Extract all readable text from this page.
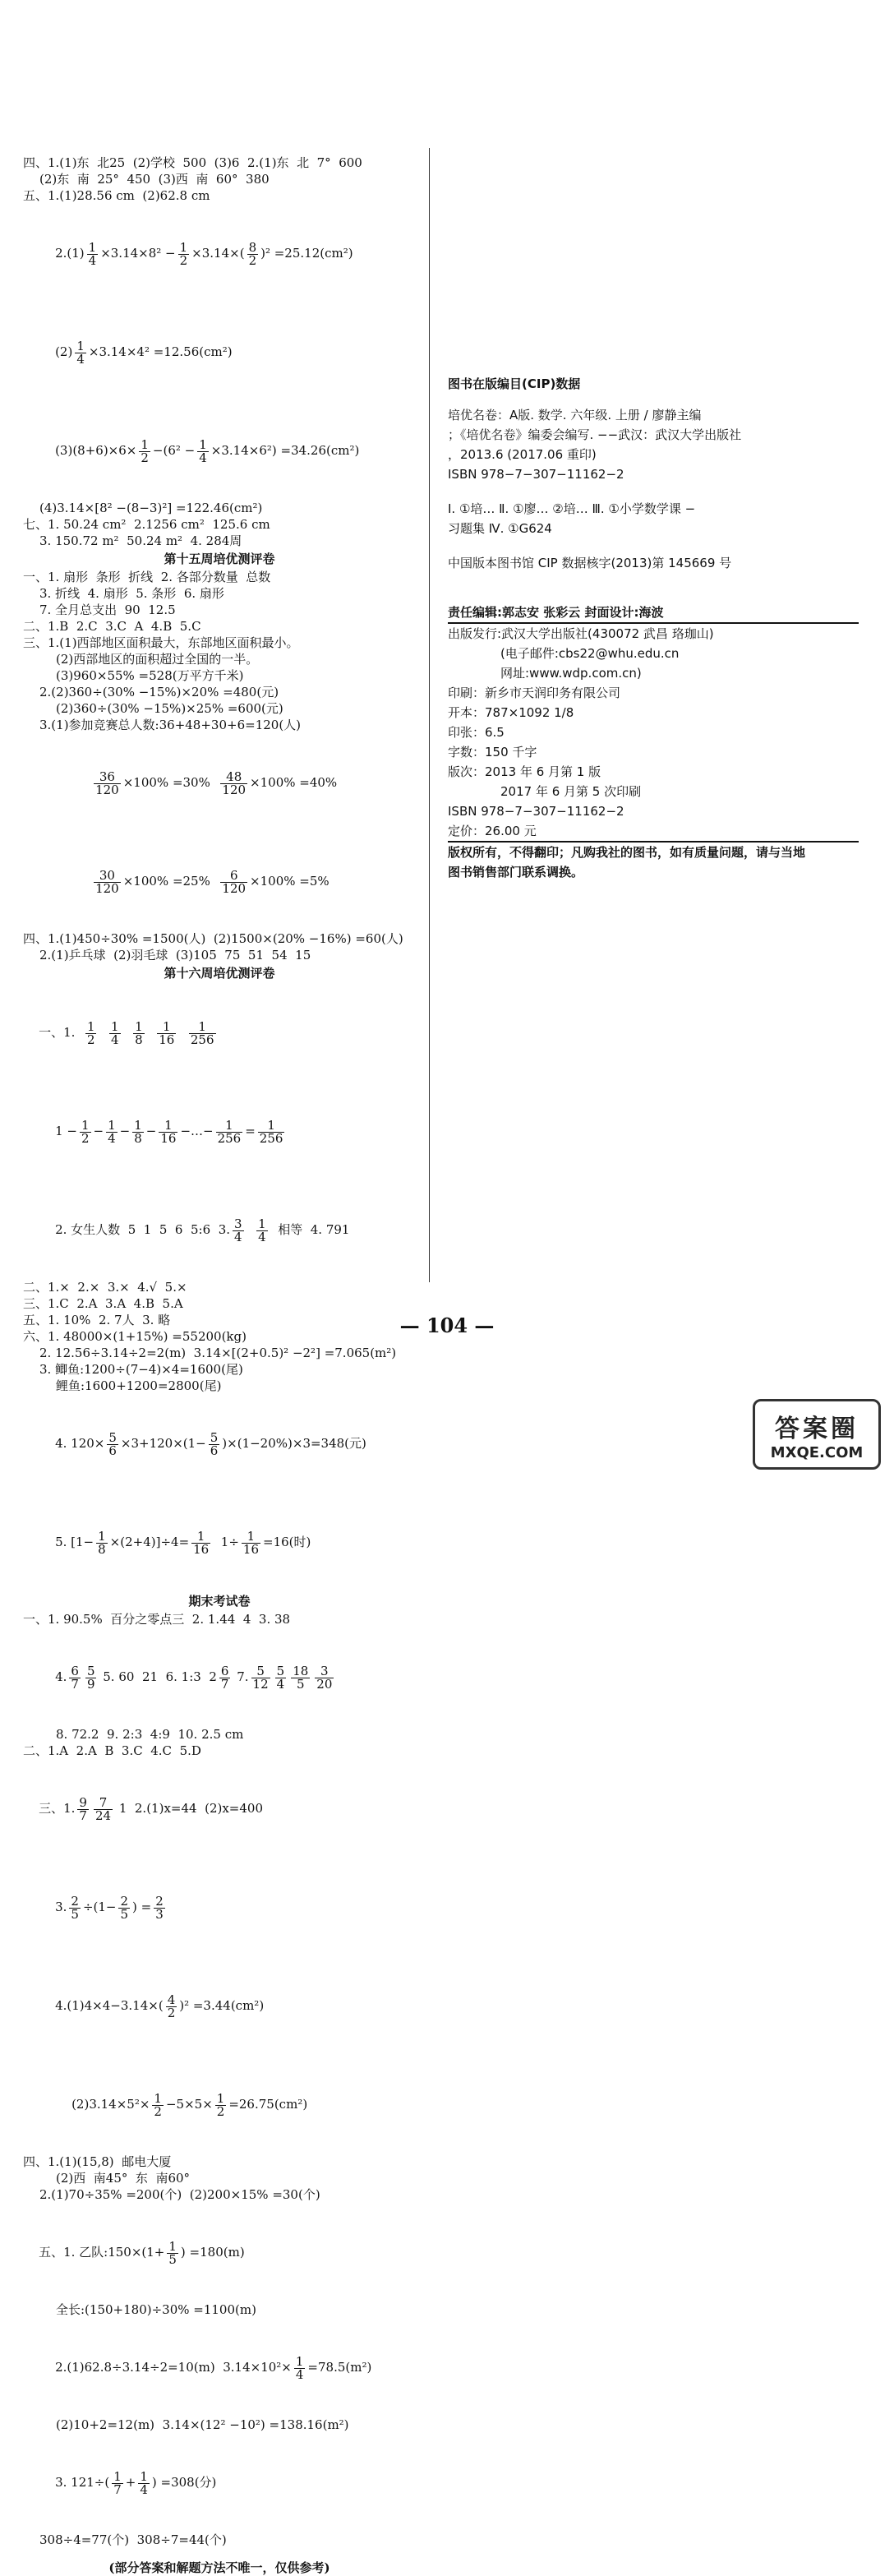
四、1.(1)东  北25  (2)学校  500  (3)6  2.(1)东  北  7°  600

(2)东  南  25°  450  (3)西  南  60°  380

五、1.(1)28.56 cm  (2)62.8 cm

$2.(1) \frac{1}{4} \times 3.14\times 8^2 - \frac{1}{2} \times 3.14\times( \frac{8}{2} )^2 =25.12(cm^2)$

$(2) \frac{1}{4} \times 3.14\times 4^2 =12.56(cm^2)$

$(3)(8+6)\times 6\times \frac{1}{2} -(6^2 - \frac{1}{4} \times 3.14\times 6^2) =34.26(cm^2)$

(4)3.14×[8² −(8−3)²] =122.46(cm²)

七、1. 50.24 cm²  2.1256 cm²  125.6 cm

3. 150.72 m²  50.24 m²  4. 284周

第十五周培优测评卷

一、1. 扇形  条形  折线  2. 各部分数量  总数

3. 折线  4. 扇形  5. 条形  6. 扇形

7. 全月总支出  90  12.5

二、1.B  2.C  3.C  A  4.B  5.C

三、1.(1)西部地区面积最大，东部地区面积最小。

(2)西部地区的面积超过全国的一半。

(3)960×55% =528(万平方千米)

2.(2)360÷(30% −15%)×20% =480(元)

(2)360÷(30% −15%)×25% =600(元)

3.(1)参加竞赛总人数:36+48+30+6=120(人)

$\frac{36}{120} \times 100\% =30\% \frac{48}{120} \times 100\% =40\%$

$\frac{30}{120} \times 100\% =25\% \frac{6}{120} \times 100\% =5\%$

四、1.(1)450÷30% =1500(人)  (2)1500×(20% −16%) =60(人)

2.(1)乒乓球  (2)羽毛球  (3)105  75  51  54  15

第十六周培优测评卷

一、1. $\frac{1}{2}$
$\frac{1}{4}$
$\frac{1}{8}$
$\frac{1}{16}$
$\frac{1}{256}$

$1 - \frac{1}{2} - \frac{1}{4} - \frac{1}{8} - \frac{1}{16}$ −…− $\frac{1}{256} = \frac{1}{256}$

2. 女生人数  5  1  5  6  5:6  3. $\frac{3}{4}$
$\frac{1}{4}$ 相等  4. 791

二、1.×  2.×  3.×  4.√  5.×

三、1.C  2.A  3.A  4.B  5.A

五、1. 10%  2. 7人  3. 略

六、1. 48000×(1+15%) =55200(kg)

2. 12.56÷3.14÷2=2(m)  3.14×[(2+0.5)² −2²] =7.065(m²)

3. 鲫鱼:1200÷(7−4)×4=1600(尾)

鲤鱼:1600+1200=2800(尾)

4. $120\times \frac{5}{6} \times 3+120\times(1- \frac{5}{6} )\times(1-20\%)\times 3=348$(元)

5. $[1- \frac{1}{8} \times(2+4)]\div 4= \frac{1}{16} 1\div \frac{1}{16} =16$(时)

期末考试卷

一、1. 90.5%  百分之零点三  2. 1.44  4  3. 38

4. $\frac{6}{7} \frac{5}{9} 5$. 60  21  6. 1:3  $2 \frac{6}{7} 7$. $\frac{5}{12} \frac{5}{4} \frac{18}{5} \frac{3}{20}$

8. 72.2  9. 2:3  4:9  10. 2.5 cm

二、1.A  2.A  B  3.C  4.C  5.D

三、1. $\frac{9}{7} \frac{7}{24} 1$  2.(1)x=44  (2)x=400

3. $\frac{2}{5} \div(1- \frac{2}{5}$ ) = $\frac{2}{3}$

$4.(1)4\times 4-3.14\times( \frac{4}{2} )^2 =3.44(cm^2)$

$(2)3.14\times 5^2\times \frac{1}{2} -5\times 5\times \frac{1}{2} =26.75(cm^2)$

四、1.(1)(15,8)  邮电大厦

(2)西  南45°  东  南60°

2.(1)70÷35% =200(个)  (2)200×15% =30(个)

五、1. 乙队:150×(1+ $\frac{1}{5}$ ) =180(m)

全长:(150+180)÷30% =1100(m)

2.(1)62.8÷3.14÷2=10(m)  $3.14\times 10^2\times \frac{1}{4} =78.5(m^2)$

(2)10+2=12(m)  3.14×(12² −10²) =138.16(m²)

3. $121\div( \frac{1}{7} + \frac{1}{4}$ ) =308(分)

308÷4=77(个)  308÷7=44(个)

(部分答案和解题方法不唯一，仅供参考)

图书在版编目(CIP)数据
培优名卷：A版. 数学. 六年级. 上册 / 廖静主编
；《培优名卷》编委会编写. −−武汉：武汉大学出版社
，2013.6 (2017.06 重印)
ISBN 978−7−307−11162−2
Ⅰ. ①培… Ⅱ. ①廖… ②培… Ⅲ. ①小学数学课 −
习题集 Ⅳ. ①G624
中国版本图书馆 CIP 数据核字(2013)第 145669 号
责任编辑:郭志安 张彩云 封面设计:海波
出版发行:武汉大学出版社(430072 武昌 珞珈山)
(电子邮件:cbs22@whu.edu.cn
网址:www.wdp.com.cn)
印刷：新乡市天润印务有限公司
开本：787×1092 1/8
印张：6.5
字数：150 千字
版次：2013 年 6 月第 1 版
2017 年 6 月第 5 次印刷
ISBN 978−7−307−11162−2
定价：26.00 元
版权所有，不得翻印；凡购我社的图书，如有质量问题，请与当地
图书销售部门联系调换。
— 104 —
答案圈
MXQE.COM
